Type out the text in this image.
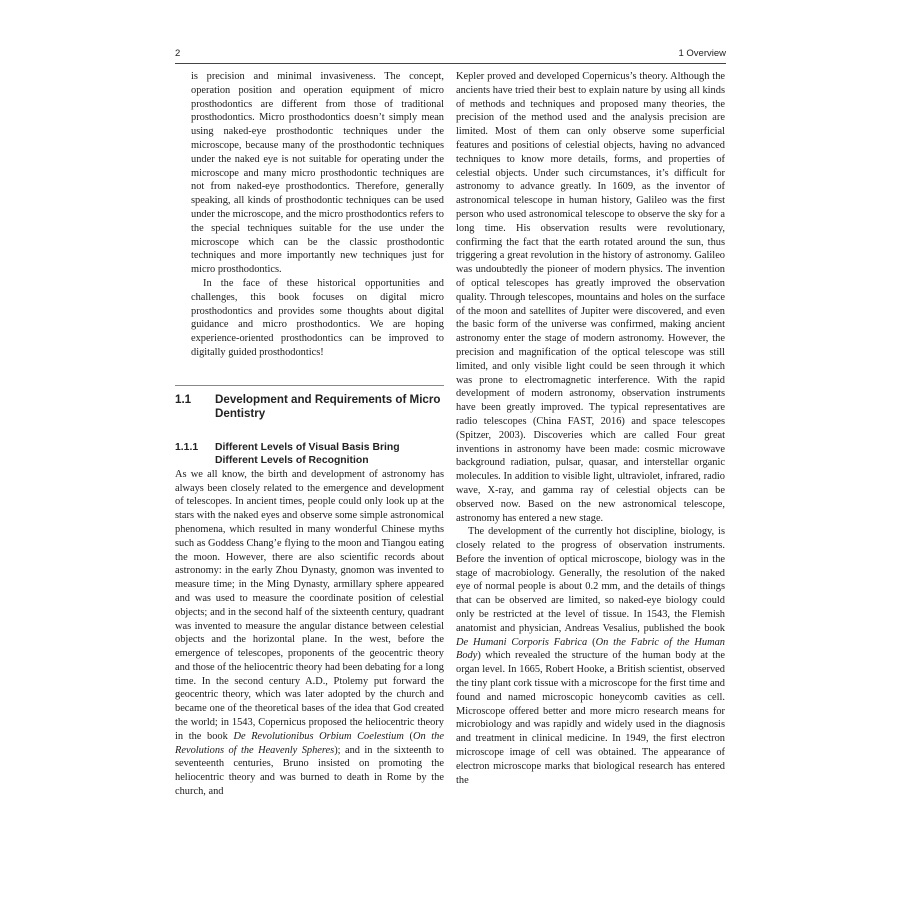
2	1 Overview

is precision and minimal invasiveness. The concept, operation position and operation equipment of micro prosthodontics are different from those of traditional prosthodontics. Micro prosthodontics doesn’t simply mean using naked-eye prosthodontic techniques under the microscope, because many of the prosthodontic techniques under the naked eye is not suitable for operating under the microscope and many micro prosthodontic techniques are not from naked-eye prosthodontics. Therefore, generally speaking, all kinds of prosthodontic techniques can be used under the microscope, and the micro prosthodontics refers to the special techniques suitable for the use under the microscope which can be the classic prosthodontic techniques and more importantly new techniques just for micro prosthodontics.

In the face of these historical opportunities and challenges, this book focuses on digital micro prosthodontics and provides some thoughts about digital guidance and micro prosthodontics. We are hoping experience-oriented prosthodontics can be improved to digitally guided prosthodontics!

1.1	Development and Requirements of Micro Dentistry
1.1.1	Different Levels of Visual Basis Bring Different Levels of Recognition

As we all know, the birth and development of astronomy has always been closely related to the emergence and development of telescopes. In ancient times, people could only look up at the stars with the naked eyes and observe some simple astronomical phenomena, which resulted in many wonderful Chinese myths such as Goddess Chang’e flying to the moon and Tiangou eating the moon. However, there are also scientific records about astronomy: in the early Zhou Dynasty, gnomon was invented to measure time; in the Ming Dynasty, armillary sphere appeared and was used to measure the coordinate position of celestial objects; and in the second half of the sixteenth century, quadrant was invented to measure the angular distance between celestial objects and the horizontal plane. In the west, before the emergence of telescopes, proponents of the geocentric theory and those of the heliocentric theory had been debating for a long time. In the second century A.D., Ptolemy put forward the geocentric theory, which was later adopted by the church and became one of the theoretical bases of the idea that God created the world; in 1543, Copernicus proposed the heliocentric theory in the book De Revolutionibus Orbium Coelestium (On the Revolutions of the Heavenly Spheres); and in the sixteenth to seventeenth centuries, Bruno insisted on promoting the heliocentric theory and was burned to death in Rome by the church, and

Kepler proved and developed Copernicus’s theory. Although the ancients have tried their best to explain nature by using all kinds of methods and techniques and proposed many theories, the precision of the method used and the analysis precision are limited. Most of them can only observe some superficial features and positions of celestial objects, having no advanced techniques to know more details, forms, and properties of celestial objects. Under such circumstances, it’s difficult for astronomy to advance greatly. In 1609, as the inventor of astronomical telescope in human history, Galileo was the first person who used astronomical telescope to observe the sky for a long time. His observation results were revolutionary, confirming the fact that the earth rotated around the sun, thus triggering a great revolution in the history of astronomy. Galileo was undoubtedly the pioneer of modern physics. The invention of optical telescopes has greatly improved the observation quality. Through telescopes, mountains and holes on the surface of the moon and satellites of Jupiter were discovered, and even the basic form of the universe was confirmed, making ancient astronomy enter the stage of modern astronomy. However, the precision and magnification of the optical telescope was still limited, and only visible light could be seen through it which was prone to electromagnetic interference. With the rapid development of modern astronomy, observation instruments have been greatly improved. The typical representatives are radio telescopes (China FAST, 2016) and space telescopes (Spitzer, 2003). Discoveries which are called Four great inventions in astronomy have been made: cosmic microwave background radiation, pulsar, quasar, and interstellar organic molecules. In addition to visible light, ultraviolet, infrared, radio wave, X-ray, and gamma ray of celestial objects can be observed now. Based on the new astronomical telescope, astronomy has entered a new stage.

The development of the currently hot discipline, biology, is closely related to the progress of observation instruments. Before the invention of optical microscope, biology was in the stage of macrobiology. Generally, the resolution of the naked eye of normal people is about 0.2 mm, and the details of things that can be observed are limited, so naked-eye biology could only be restricted at the level of tissue. In 1543, the Flemish anatomist and physician, Andreas Vesalius, published the book De Humani Corporis Fabrica (On the Fabric of the Human Body) which revealed the structure of the human body at the organ level. In 1665, Robert Hooke, a British scientist, observed the tiny plant cork tissue with a microscope for the first time and found and named microscopic honeycomb cavities as cell. Microscope offered better and more micro research means for microbiology and was rapidly and widely used in the diagnosis and treatment in clinical medicine. In 1949, the first electron microscope image of cell was obtained. The appearance of electron microscope marks that biological research has entered the
